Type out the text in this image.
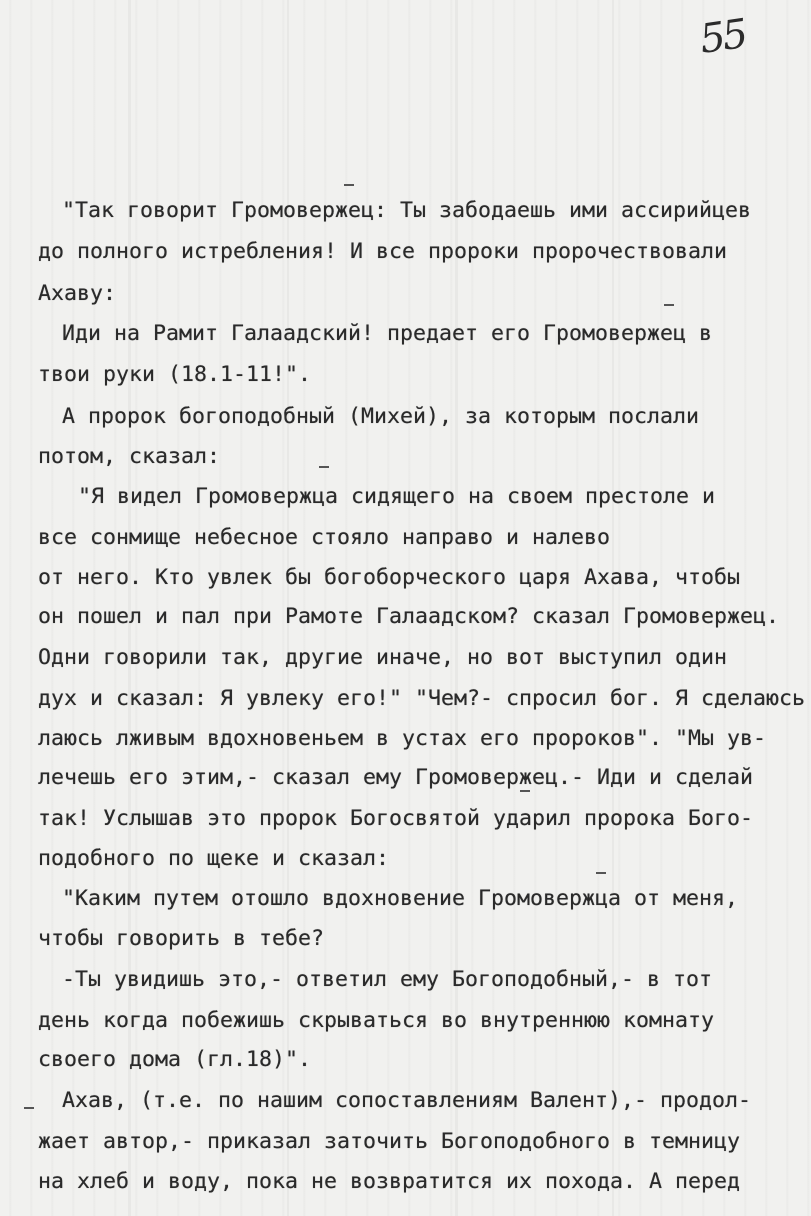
55
"Так говорит Громовержец: Ты забодаешь ими ассирийцев
до полного истребления! И все пророки пророчествовали
Ахаву:
Иди на Рамит Галаадский! предает его Громовержец в
твои руки (18.1-11!".
А пророк богоподобный (Михей), за которым послали
потом, сказал:
"Я видел Громовержца сидящего на своем престоле и
все сонмище небесное стояло направо и налево
от него. Кто увлек бы богоборческого царя Ахава, чтобы
он пошел и пал при Рамоте Галаадском? сказал Громовержец.
Одни говорили так, другие иначе, но вот выступил один
дух и сказал: Я увлеку его!" "Чем?- спросил бог. Я сделаюсь
лаюсь лживым вдохновеньем в устах его пророков". "Мы ув-
лечешь его этим,- сказал ему Громовержец.- Иди и сделай
так! Услышав это пророк Богосвятой ударил пророка Бого-
подобного по щеке и сказал:
"Каким путем отошло вдохновение Громовержца от меня,
чтобы говорить в тебе?
-Ты увидишь это,- ответил ему Богоподобный,- в тот
день когда побежишь скрываться во внутреннюю комнату
своего дома (гл.18)".
Ахав, (т.е. по нашим сопоставлениям Валент),- продол-
жает автор,- приказал заточить Богоподобного в темницу
на хлеб и воду, пока не возвратится их похода. А перед
